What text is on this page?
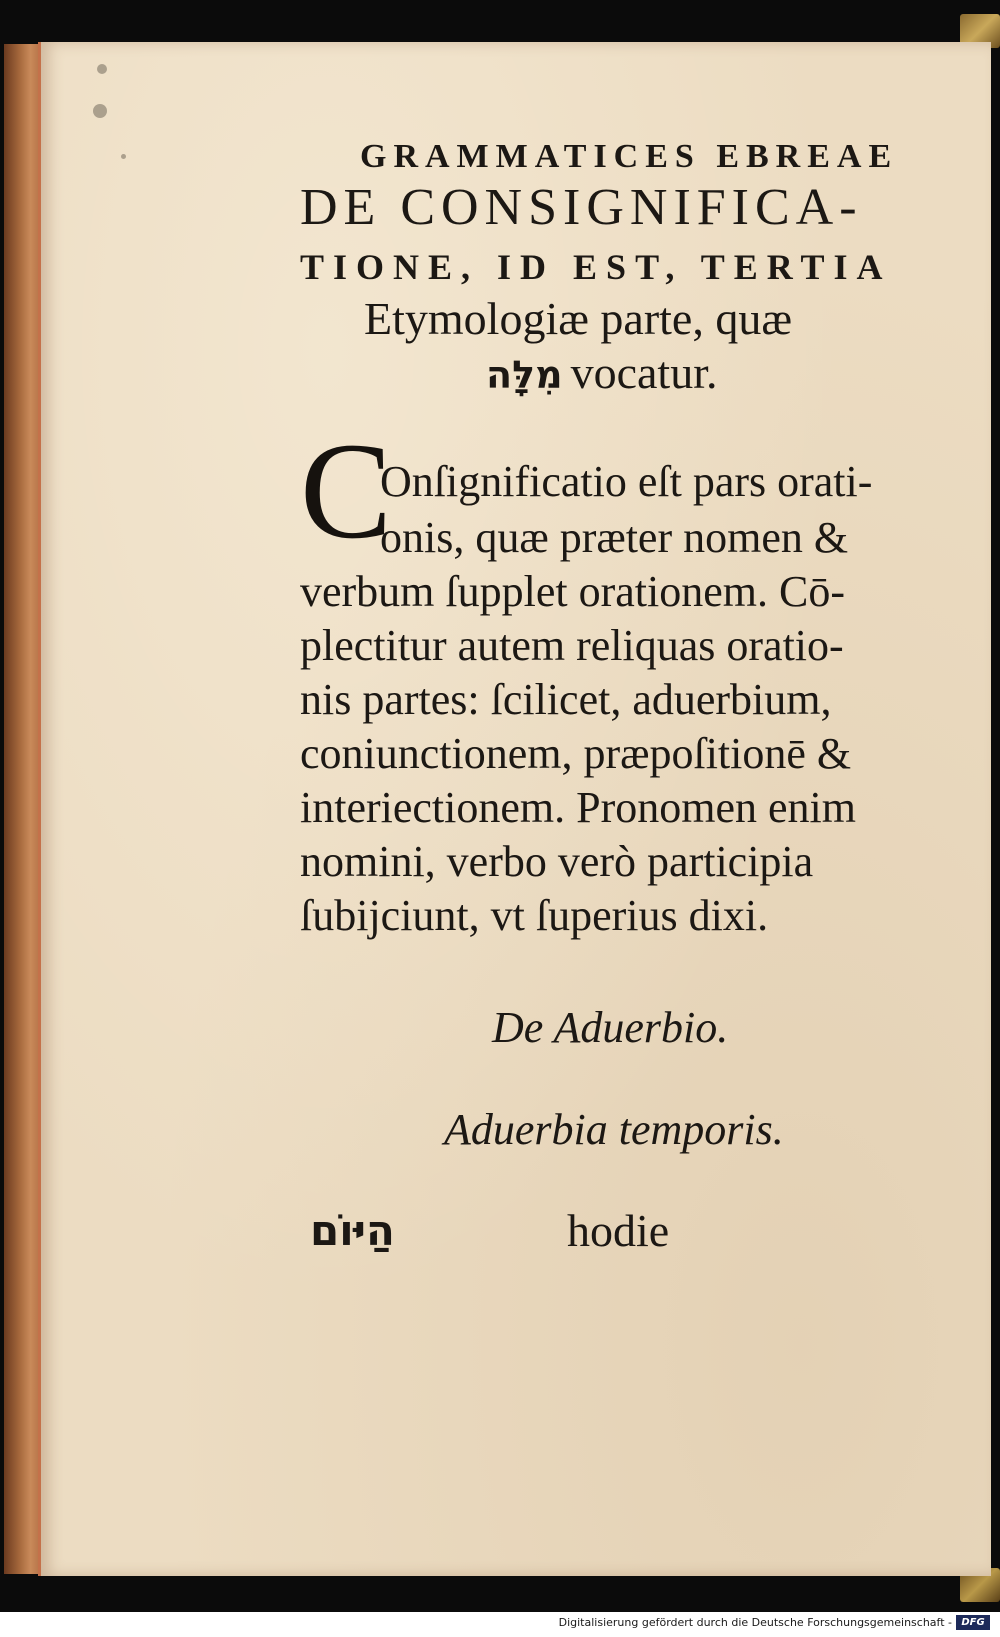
GRAMMATICES EBREAE
DE CONSIGNIFICA-
TIONE, ID EST, TERTIA
Etymologiæ parte, quæ
מִלָּה vocatur.
C
Onſignificatio eſt pars orati-
onis, quæ præter nomen &
verbum ſupplet orationem. Cō-
plectitur autem reliquas oratio-
nis partes: ſcilicet, aduerbium,
coniunctionem, præpoſitionē &
interiectionem. Pronomen enim
nomini, verbo verò participia
ſubijciunt, vt ſuperius dixi.
De Aduerbio.
Aduerbia temporis.
הַיּוֹם	hodie
Digitalisierung gefördert durch die Deutsche Forschungsgemeinschaft - DFG
